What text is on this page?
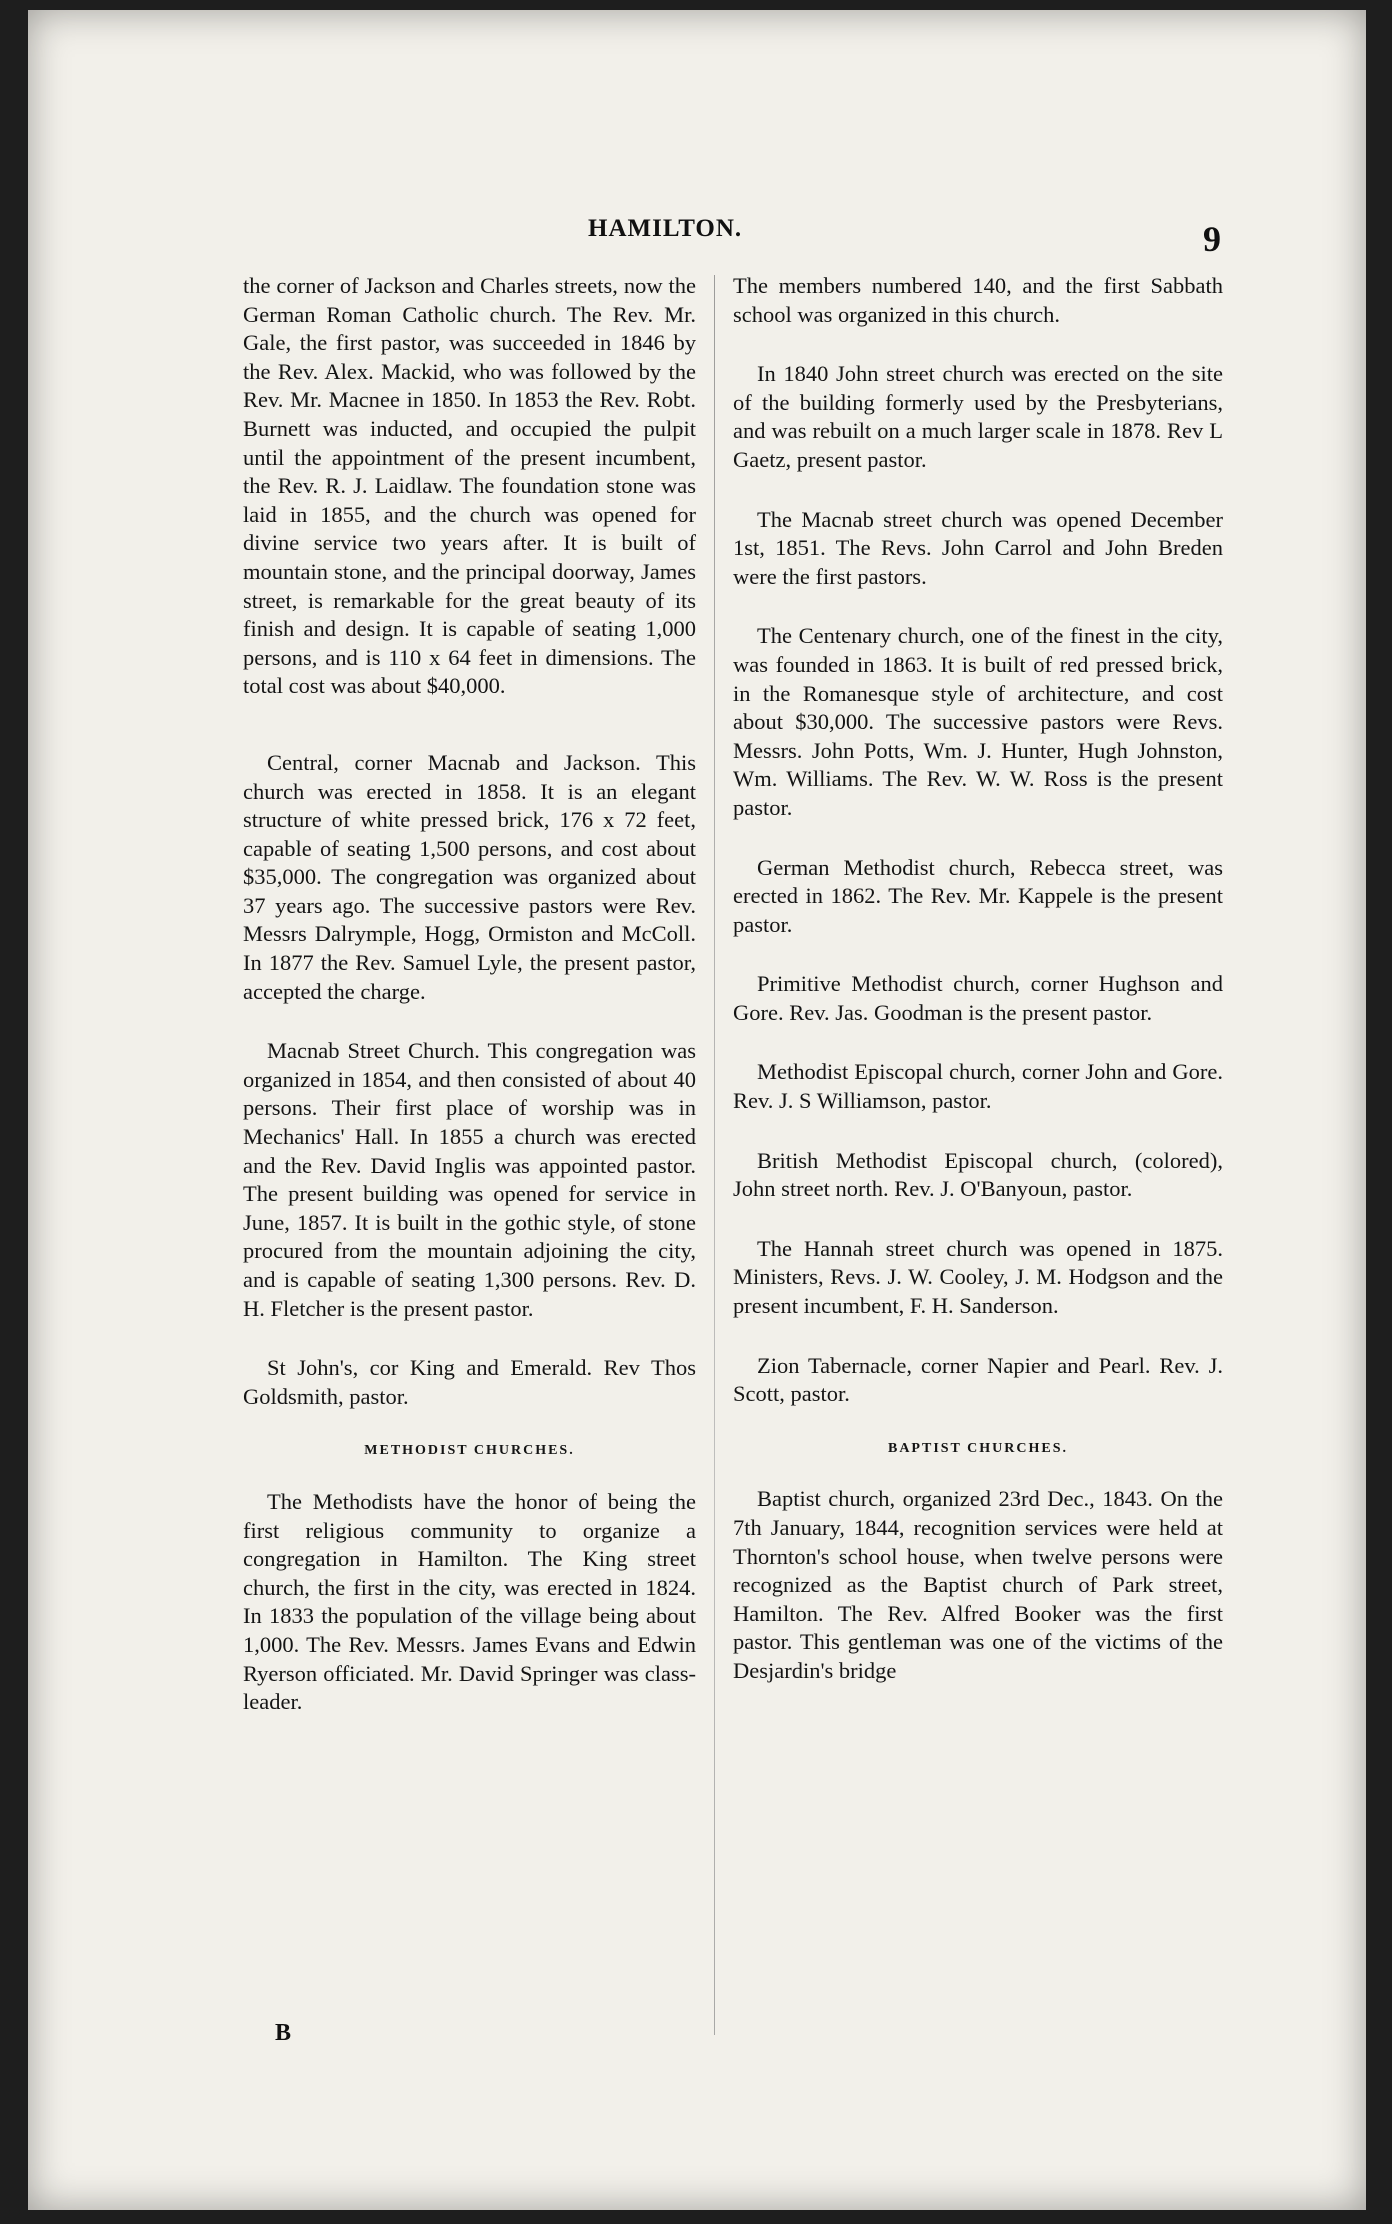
HAMILTON.	9

the corner of Jackson and Charles streets, now the German Roman Catholic church. The Rev. Mr. Gale, the first pastor, was succeeded in 1846 by the Rev. Alex. Mackid, who was followed by the Rev. Mr. Macnee in 1850. In 1853 the Rev. Robt. Burnett was inducted, and occupied the pulpit until the appointment of the present incumbent, the Rev. R. J. Laidlaw. The foundation stone was laid in 1855, and the church was opened for divine service two years after. It is built of mountain stone, and the principal doorway, James street, is remarkable for the great beauty of its finish and design. It is capable of seating 1,000 persons, and is 110 x 64 feet in dimensions. The total cost was about $40,000.

Central, corner Macnab and Jackson. This church was erected in 1858. It is an elegant structure of white pressed brick, 176 x 72 feet, capable of seating 1,500 persons, and cost about $35,000. The congregation was organized about 37 years ago. The successive pastors were Rev. Messrs Dalrymple, Hogg, Ormiston and McColl. In 1877 the Rev. Samuel Lyle, the present pastor, accepted the charge.

Macnab Street Church. This congregation was organized in 1854, and then consisted of about 40 persons. Their first place of worship was in Mechanics' Hall. In 1855 a church was erected and the Rev. David Inglis was appointed pastor. The present building was opened for service in June, 1857. It is built in the gothic style, of stone procured from the mountain adjoining the city, and is capable of seating 1,300 persons. Rev. D. H. Fletcher is the present pastor.

St John's, cor King and Emerald. Rev Thos Goldsmith, pastor.

METHODIST CHURCHES.

The Methodists have the honor of being the first religious community to organize a congregation in Hamilton. The King street church, the first in the city, was erected in 1824. In 1833 the population of the village being about 1,000. The Rev. Messrs. James Evans and Edwin Ryerson officiated. Mr. David Springer was class-leader.

The members numbered 140, and the first Sabbath school was organized in this church.

In 1840 John street church was erected on the site of the building formerly used by the Presbyterians, and was rebuilt on a much larger scale in 1878. Rev L Gaetz, present pastor.

The Macnab street church was opened December 1st, 1851. The Revs. John Carrol and John Breden were the first pastors.

The Centenary church, one of the finest in the city, was founded in 1863. It is built of red pressed brick, in the Romanesque style of architecture, and cost about $30,000. The successive pastors were Revs. Messrs. John Potts, Wm. J. Hunter, Hugh Johnston, Wm. Williams. The Rev. W. W. Ross is the present pastor.

German Methodist church, Rebecca street, was erected in 1862. The Rev. Mr. Kappele is the present pastor.

Primitive Methodist church, corner Hughson and Gore. Rev. Jas. Goodman is the present pastor.

Methodist Episcopal church, corner John and Gore. Rev. J. S Williamson, pastor.

British Methodist Episcopal church, (colored), John street north. Rev. J. O'Banyoun, pastor.

The Hannah street church was opened in 1875. Ministers, Revs. J. W. Cooley, J. M. Hodgson and the present incumbent, F. H. Sanderson.

Zion Tabernacle, corner Napier and Pearl. Rev. J. Scott, pastor.

BAPTIST CHURCHES.

Baptist church, organized 23rd Dec., 1843. On the 7th January, 1844, recognition services were held at Thornton's school house, when twelve persons were recognized as the Baptist church of Park street, Hamilton. The Rev. Alfred Booker was the first pastor. This gentleman was one of the victims of the Desjardin's bridge

B
